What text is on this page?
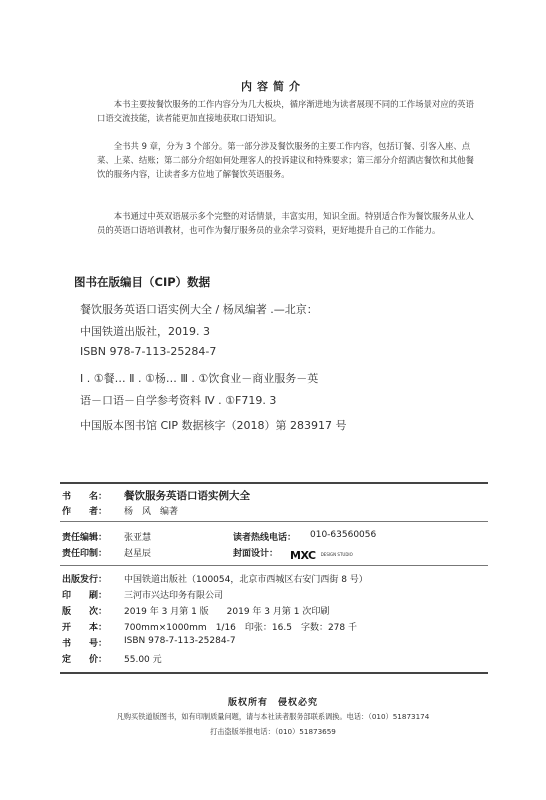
内容简介

本书主要按餐饮服务的工作内容分为几大板块，循序渐进地为读者展现不同的工作场景对应的英语口语交流技能，读者能更加直接地获取口语知识。

全书共 9 章，分为 3 个部分。第一部分涉及餐饮服务的主要工作内容，包括订餐、引客入座、点菜、上菜、结账；第二部分介绍如何处理客人的投诉建议和特殊要求；第三部分介绍酒店餐饮和其他餐饮的服务内容，让读者多方位地了解餐饮英语服务。

本书通过中英双语展示多个完整的对话情景，丰富实用，知识全面。特别适合作为餐饮服务从业人员的英语口语培训教材，也可作为餐厅服务员的业余学习资料，更好地提升自己的工作能力。

图书在版编目（CIP）数据
餐饮服务英语口语实例大全 / 杨凤编著 .—北京：
中国铁道出版社，2019. 3
ISBN 978-7-113-25284-7
Ⅰ . ①餐… Ⅱ . ①杨… Ⅲ . ①饮食业－商业服务－英
语－口语－自学参考资料 Ⅳ . ①F719. 3
中国版本图书馆 CIP 数据核字（2018）第 283917 号
书　　名： 餐饮服务英语口语实例大全
作　　者： 杨　风　编著
责任编辑： 张亚慧	读者热线电话： 010-63560056
责任印制： 赵星辰	封面设计： MXC DESIGN STUDIO
出版发行： 中国铁道出版社（100054，北京市西城区右安门西街 8 号）
印　　刷： 三河市兴达印务有限公司
版　　次： 2019 年 3 月第 1 版　　2019 年 3 月第 1 次印刷
开　　本： 700mm×1000mm　1/16　印张：16.5　字数：278 千
书　　号： ISBN 978-7-113-25284-7
定　　价： 55.00 元
版权所有　侵权必究
凡购买铁道版图书，如有印制质量问题，请与本社读者服务部联系调换。电话：（010）51873174
打击盗版举报电话：（010）51873659
